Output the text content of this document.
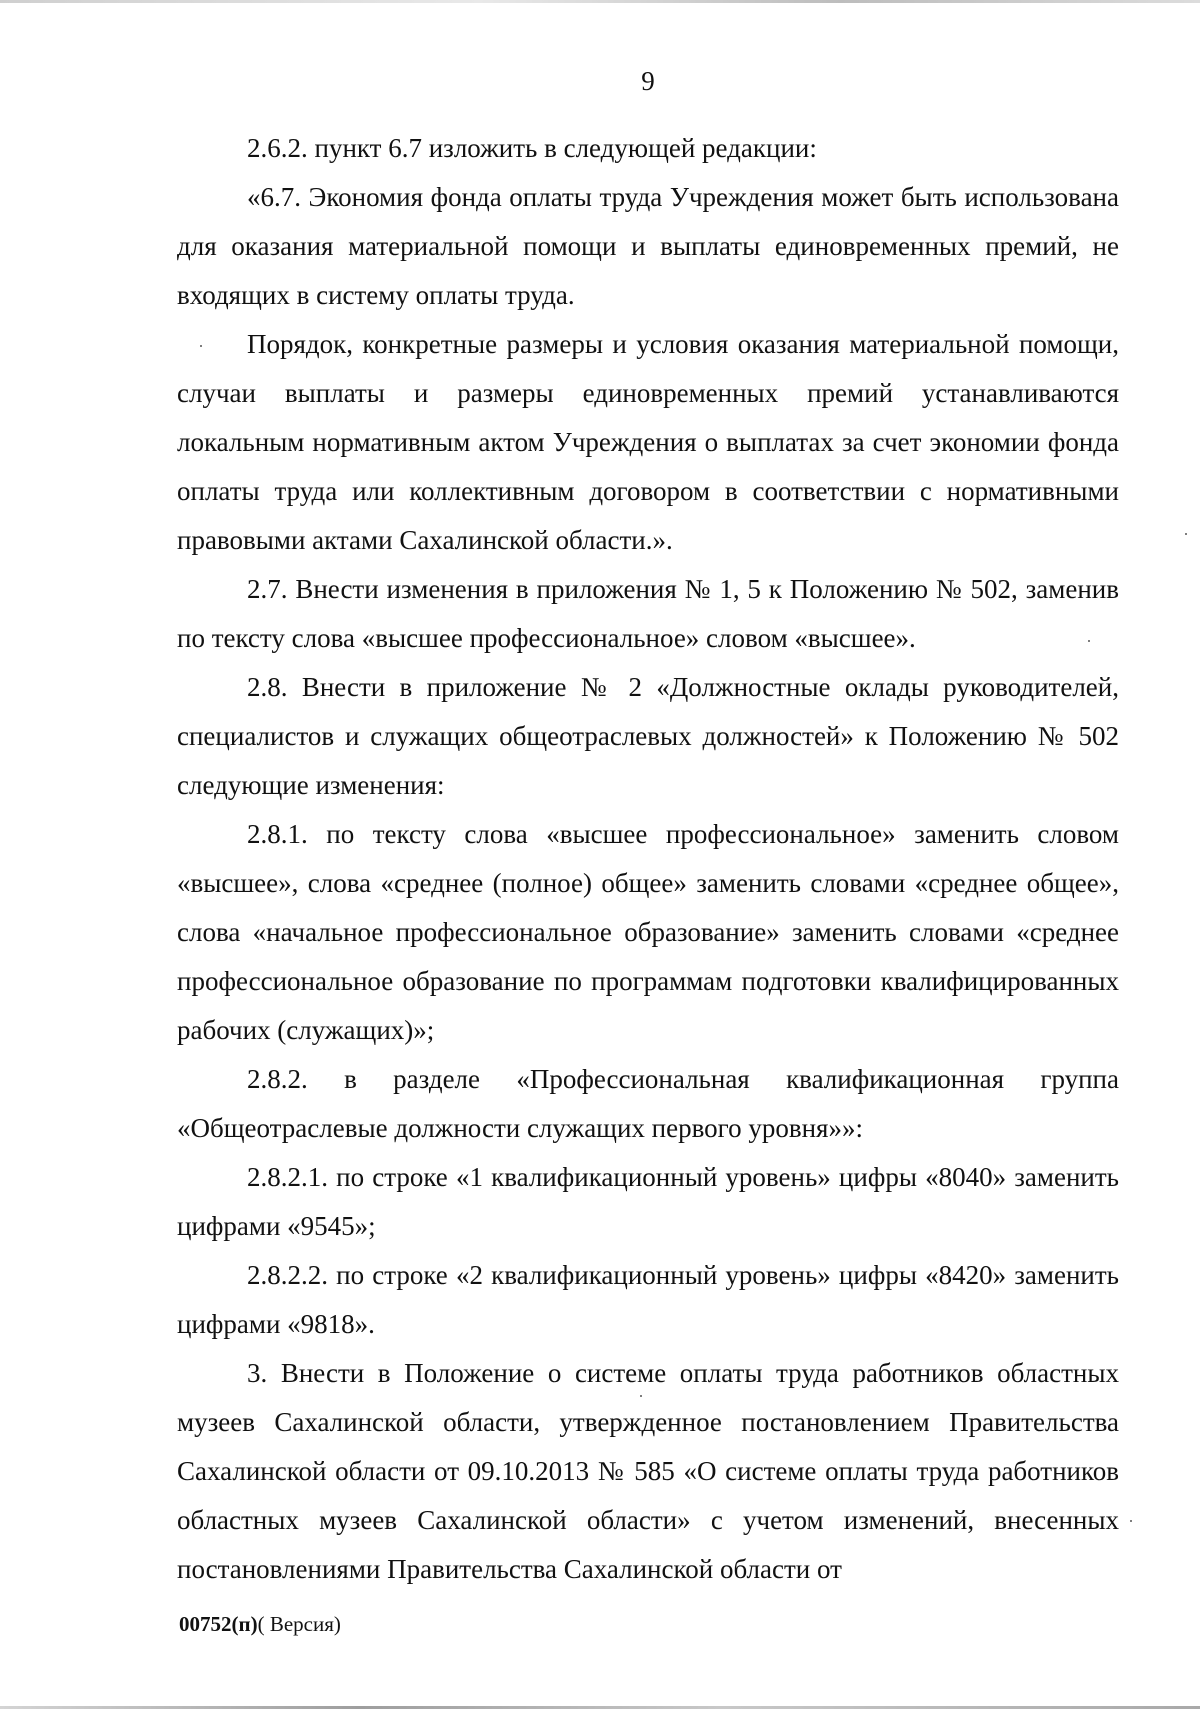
9

2.6.2. пункт 6.7 изложить в следующей редакции:

«6.7. Экономия фонда оплаты труда Учреждения может быть использована для оказания материальной помощи и выплаты единовременных премий, не входящих в систему оплаты труда.

Порядок, конкретные размеры и условия оказания материальной помощи, случаи выплаты и размеры единовременных премий устанавливаются локальным нормативным актом Учреждения о выплатах за счет экономии фонда оплаты труда или коллективным договором в соответствии с нормативными правовыми актами Сахалинской области.».

2.7. Внести изменения в приложения № 1, 5 к Положению № 502, заменив по тексту слова «высшее профессиональное» словом «высшее».

2.8. Внести в приложение № 2 «Должностные оклады руководителей, специалистов и служащих общеотраслевых должностей» к Положению № 502 следующие изменения:

2.8.1. по тексту слова «высшее профессиональное» заменить словом «высшее», слова «среднее (полное) общее» заменить словами «среднее общее», слова «начальное профессиональное образование» заменить словами «среднее профессиональное образование по программам подготовки квалифицированных рабочих (служащих)»;

2.8.2. в разделе «Профессиональная квалификационная группа «Общеотраслевые должности служащих первого уровня»»:

2.8.2.1. по строке «1 квалификационный уровень» цифры «8040» заменить цифрами «9545»;

2.8.2.2. по строке «2 квалификационный уровень» цифры «8420» заменить цифрами «9818».

3. Внести в Положение о системе оплаты труда работников областных музеев Сахалинской области, утвержденное постановлением Правительства Сахалинской области от 09.10.2013 № 585 «О системе оплаты труда работников областных музеев Сахалинской области» с учетом изменений, внесенных постановлениями Правительства Сахалинской области от

00752(п)( Версия)
